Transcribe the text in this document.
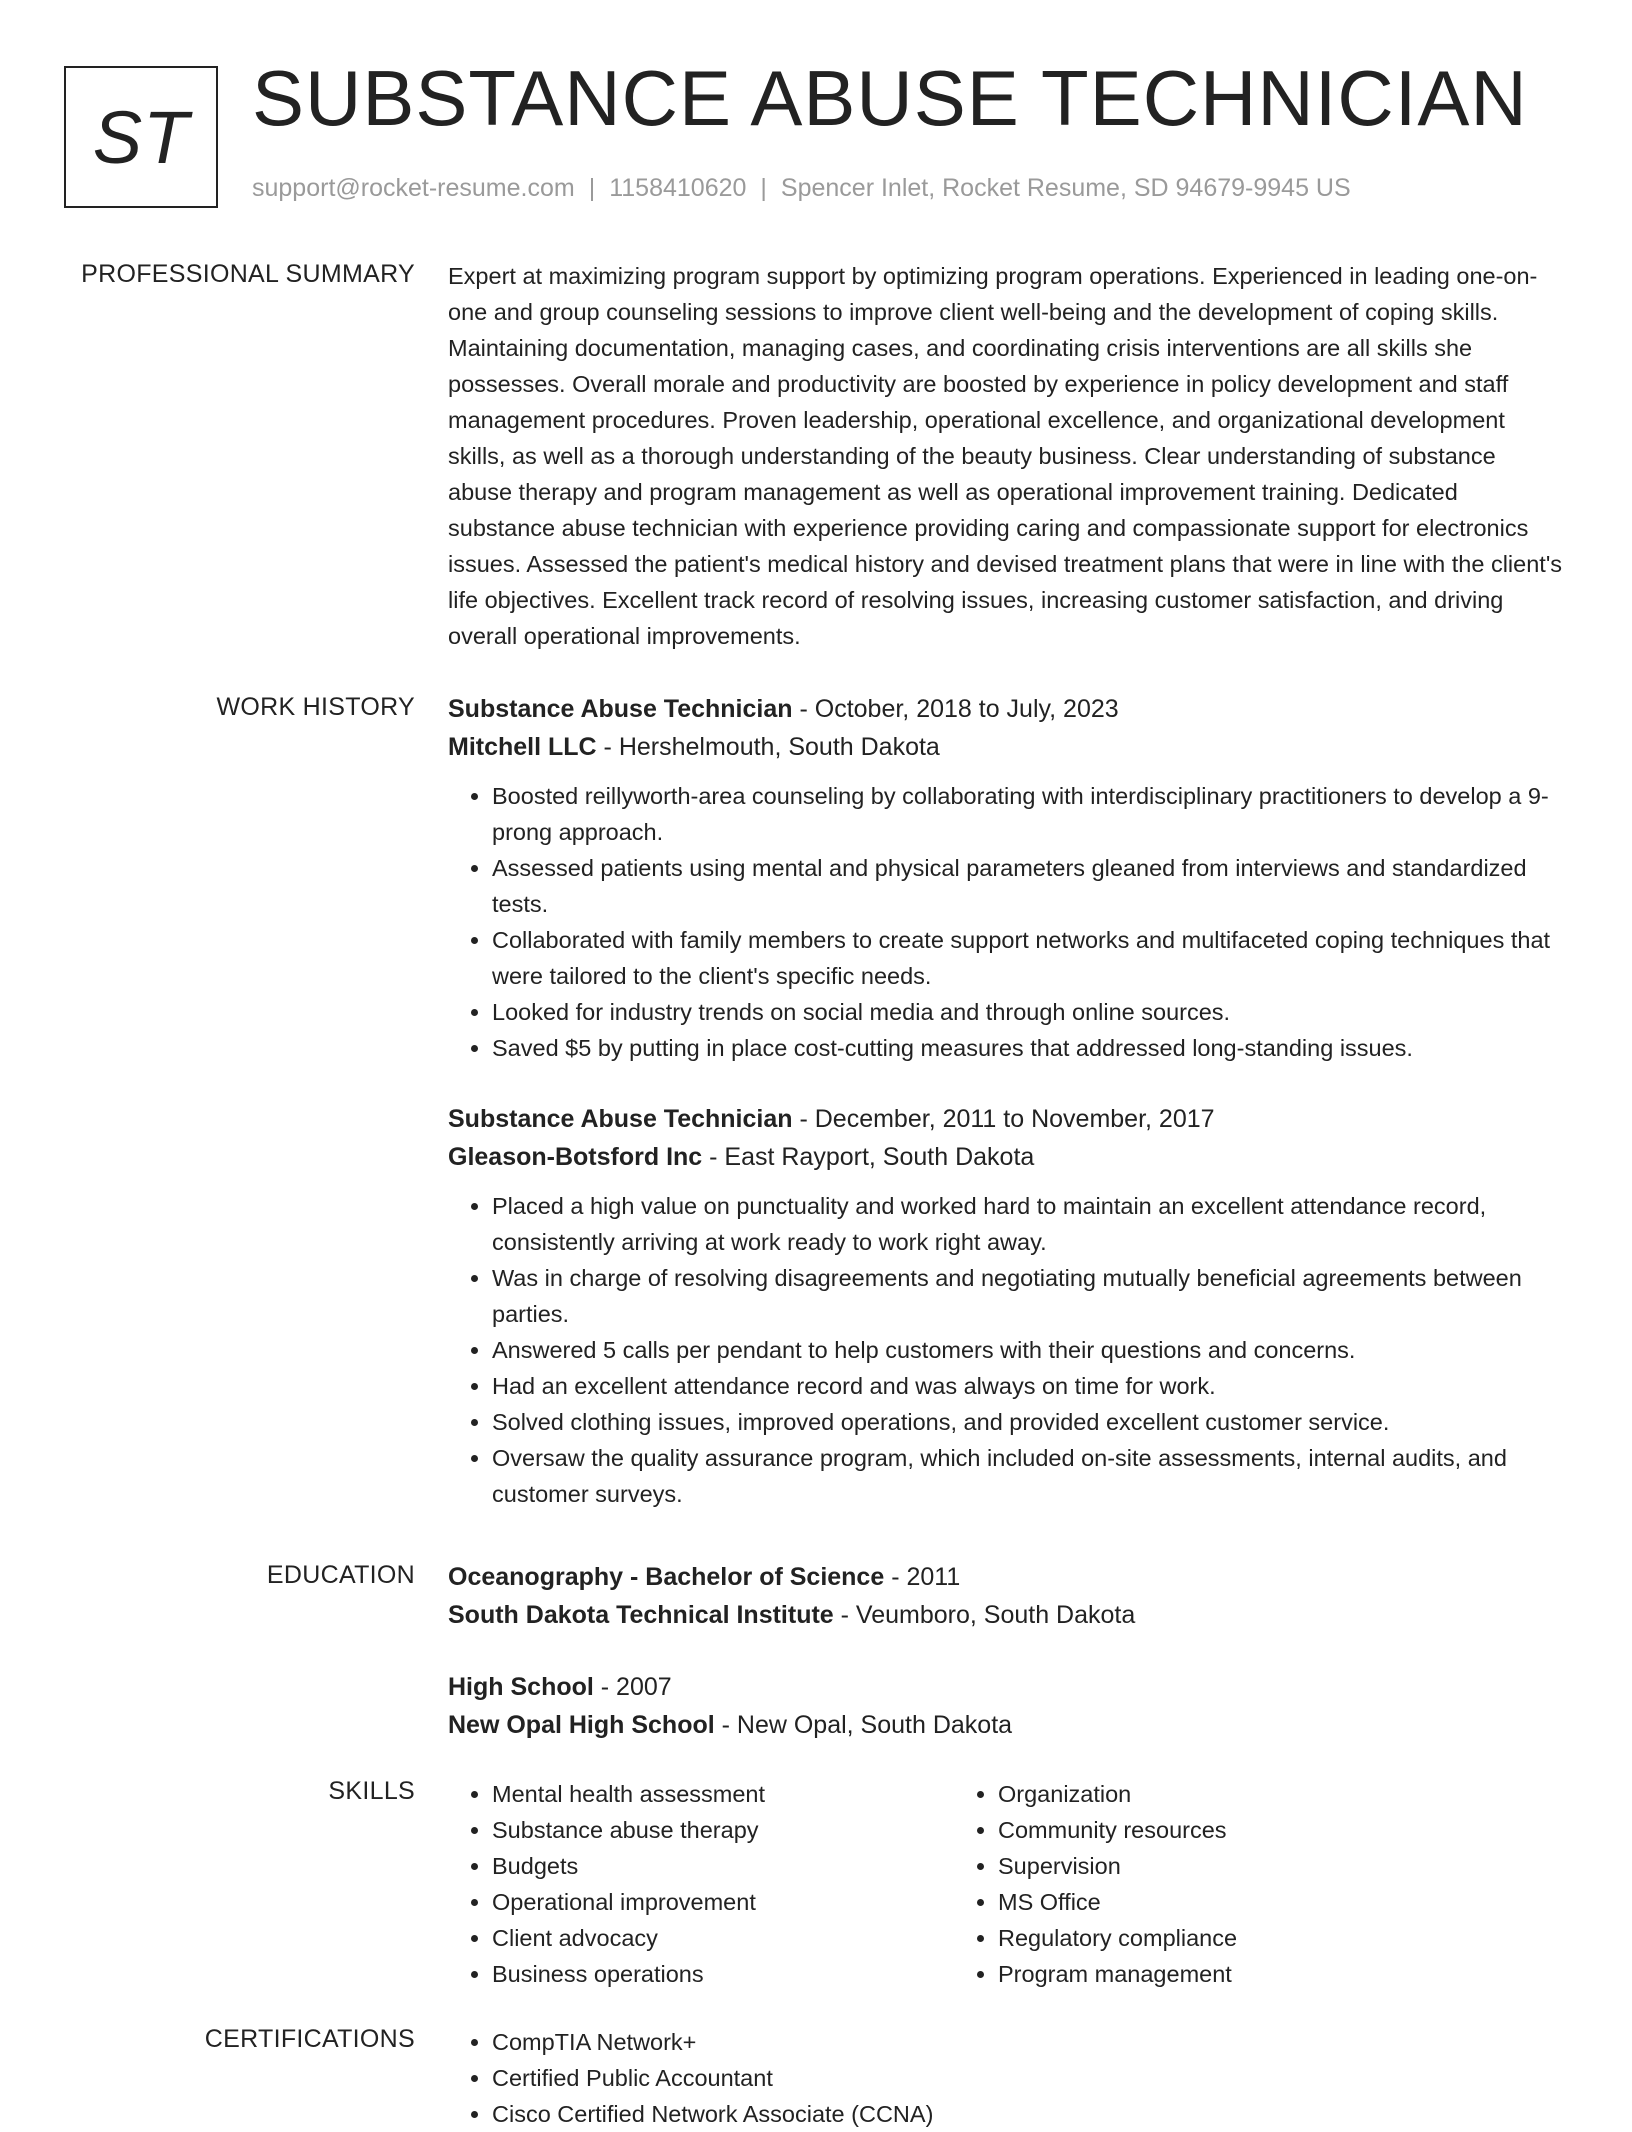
ST SUBSTANCE ABUSE TECHNICIAN
support@rocket-resume.com | 1158410620 | Spencer Inlet, Rocket Resume, SD 94679-9945 US
PROFESSIONAL SUMMARY Expert at maximizing program support by optimizing program operations. Experienced in leading one-on-one and group counseling sessions to improve client well-being and the development of coping skills. Maintaining documentation, managing cases, and coordinating crisis interventions are all skills she possesses. Overall morale and productivity are boosted by experience in policy development and staff management procedures. Proven leadership, operational excellence, and organizational development skills, as well as a thorough understanding of the beauty business. Clear understanding of substance abuse therapy and program management as well as operational improvement training. Dedicated substance abuse technician with experience providing caring and compassionate support for electronics issues. Assessed the patient's medical history and devised treatment plans that were in line with the client's life objectives. Excellent track record of resolving issues, increasing customer satisfaction, and driving overall operational improvements.

WORK HISTORY Substance Abuse Technician - October, 2018 to July, 2023
Mitchell LLC - Hershelmouth, South Dakota
• Boosted reillyworth-area counseling by collaborating with interdisciplinary practitioners to develop a 9-prong approach.
• Assessed patients using mental and physical parameters gleaned from interviews and standardized tests.
• Collaborated with family members to create support networks and multifaceted coping techniques that were tailored to the client's specific needs.
• Looked for industry trends on social media and through online sources.
• Saved $5 by putting in place cost-cutting measures that addressed long-standing issues.
Substance Abuse Technician - December, 2011 to November, 2017
Gleason-Botsford Inc - East Rayport, South Dakota
• Placed a high value on punctuality and worked hard to maintain an excellent attendance record, consistently arriving at work ready to work right away.
• Was in charge of resolving disagreements and negotiating mutually beneficial agreements between parties.
• Answered 5 calls per pendant to help customers with their questions and concerns.
• Had an excellent attendance record and was always on time for work.
• Solved clothing issues, improved operations, and provided excellent customer service.
• Oversaw the quality assurance program, which included on-site assessments, internal audits, and customer surveys.
EDUCATION Oceanography - Bachelor of Science - 2011
South Dakota Technical Institute - Veumboro, South Dakota
High School - 2007
New Opal High School - New Opal, South Dakota
SKILLS	• Mental health assessment
• Substance abuse therapy
• Budgets
• Operational improvement
• Client advocacy
• Business operations
• Organization
• Community resources
• Supervision
• MS Office
• Regulatory compliance
• Program management
CERTIFICATIONS	• CompTIA Network+
• Certified Public Accountant
• Cisco Certified Network Associate (CCNA)
